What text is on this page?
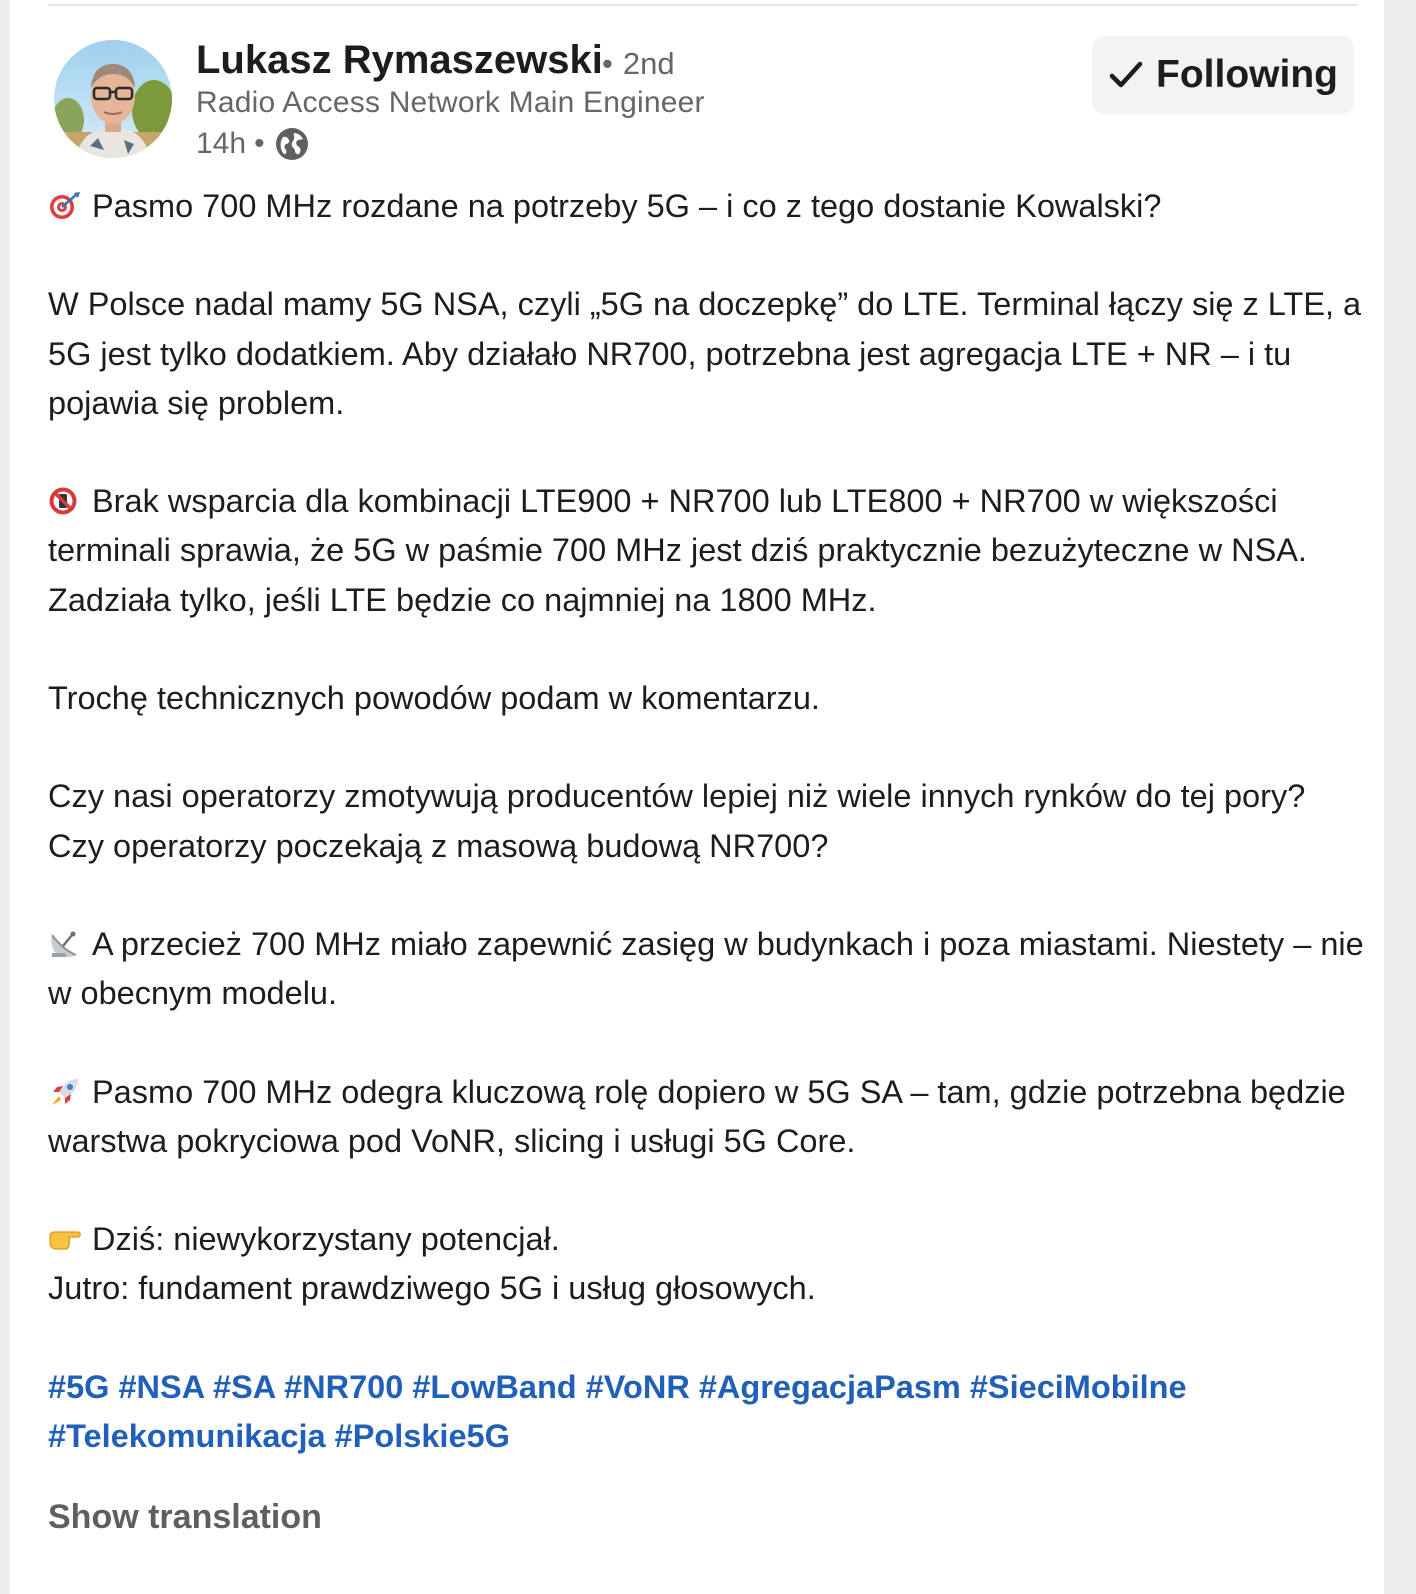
Lukasz Rymaszewski • 2nd
Radio Access Network Main Engineer
14h •
Following

Pasmo 700 MHz rozdane na potrzeby 5G – i co z tego dostanie Kowalski?

W Polsce nadal mamy 5G NSA, czyli „5G na doczepkę” do LTE. Terminal łączy się z LTE, a 5G jest tylko dodatkiem. Aby działało NR700, potrzebna jest agregacja LTE + NR – i tu pojawia się problem.

Brak wsparcia dla kombinacji LTE900 + NR700 lub LTE800 + NR700 w większości terminali sprawia, że 5G w paśmie 700 MHz jest dziś praktycznie bezużyteczne w NSA. Zadziała tylko, jeśli LTE będzie co najmniej na 1800 MHz.

Trochę technicznych powodów podam w komentarzu.

Czy nasi operatorzy zmotywują producentów lepiej niż wiele innych rynków do tej pory? Czy operatorzy poczekają z masową budową NR700?

A przecież 700 MHz miało zapewnić zasięg w budynkach i poza miastami. Niestety – nie w obecnym modelu.

Pasmo 700 MHz odegra kluczową rolę dopiero w 5G SA – tam, gdzie potrzebna będzie warstwa pokryciowa pod VoNR, slicing i usługi 5G Core.

Dziś: niewykorzystany potencjał.
Jutro: fundament prawdziwego 5G i usług głosowych.

#5G #NSA #SA #NR700 #LowBand #VoNR #AgregacjaPasm #SieciMobilne #Telekomunikacja #Polskie5G

Show translation
